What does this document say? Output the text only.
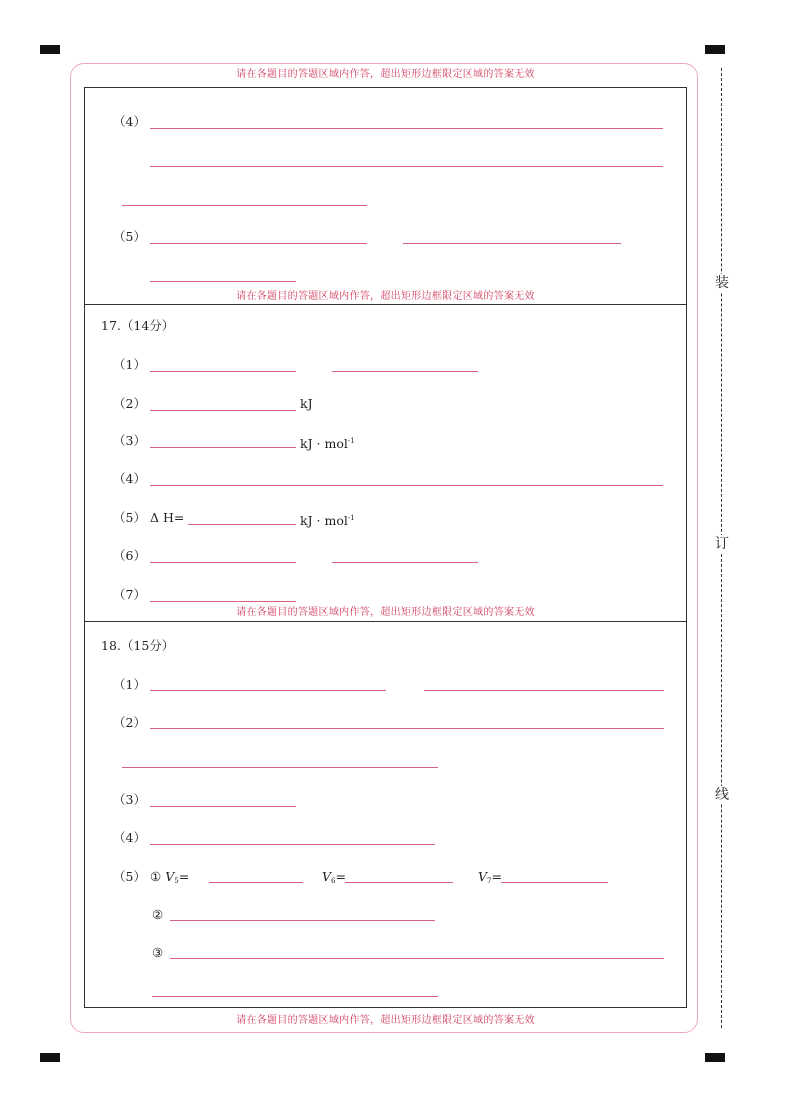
装
订
线
请在各题目的答题区域内作答，超出矩形边框限定区域的答案无效
请在各题目的答题区域内作答，超出矩形边框限定区域的答案无效
请在各题目的答题区域内作答，超出矩形边框限定区域的答案无效
请在各题目的答题区域内作答，超出矩形边框限定区域的答案无效
（4）
（5）
17.（14分）
（1）
（2）	kJ
（3）	kJ · mol$^{-1}$
（4）
（5） Δ H=	kJ · mol$^{-1}$
（6）
（7）
18.（15分）
（1）
（2）
（3）
（4）
（5） ① $V_5=$	$V_6=$	$V_7=$
②
③
